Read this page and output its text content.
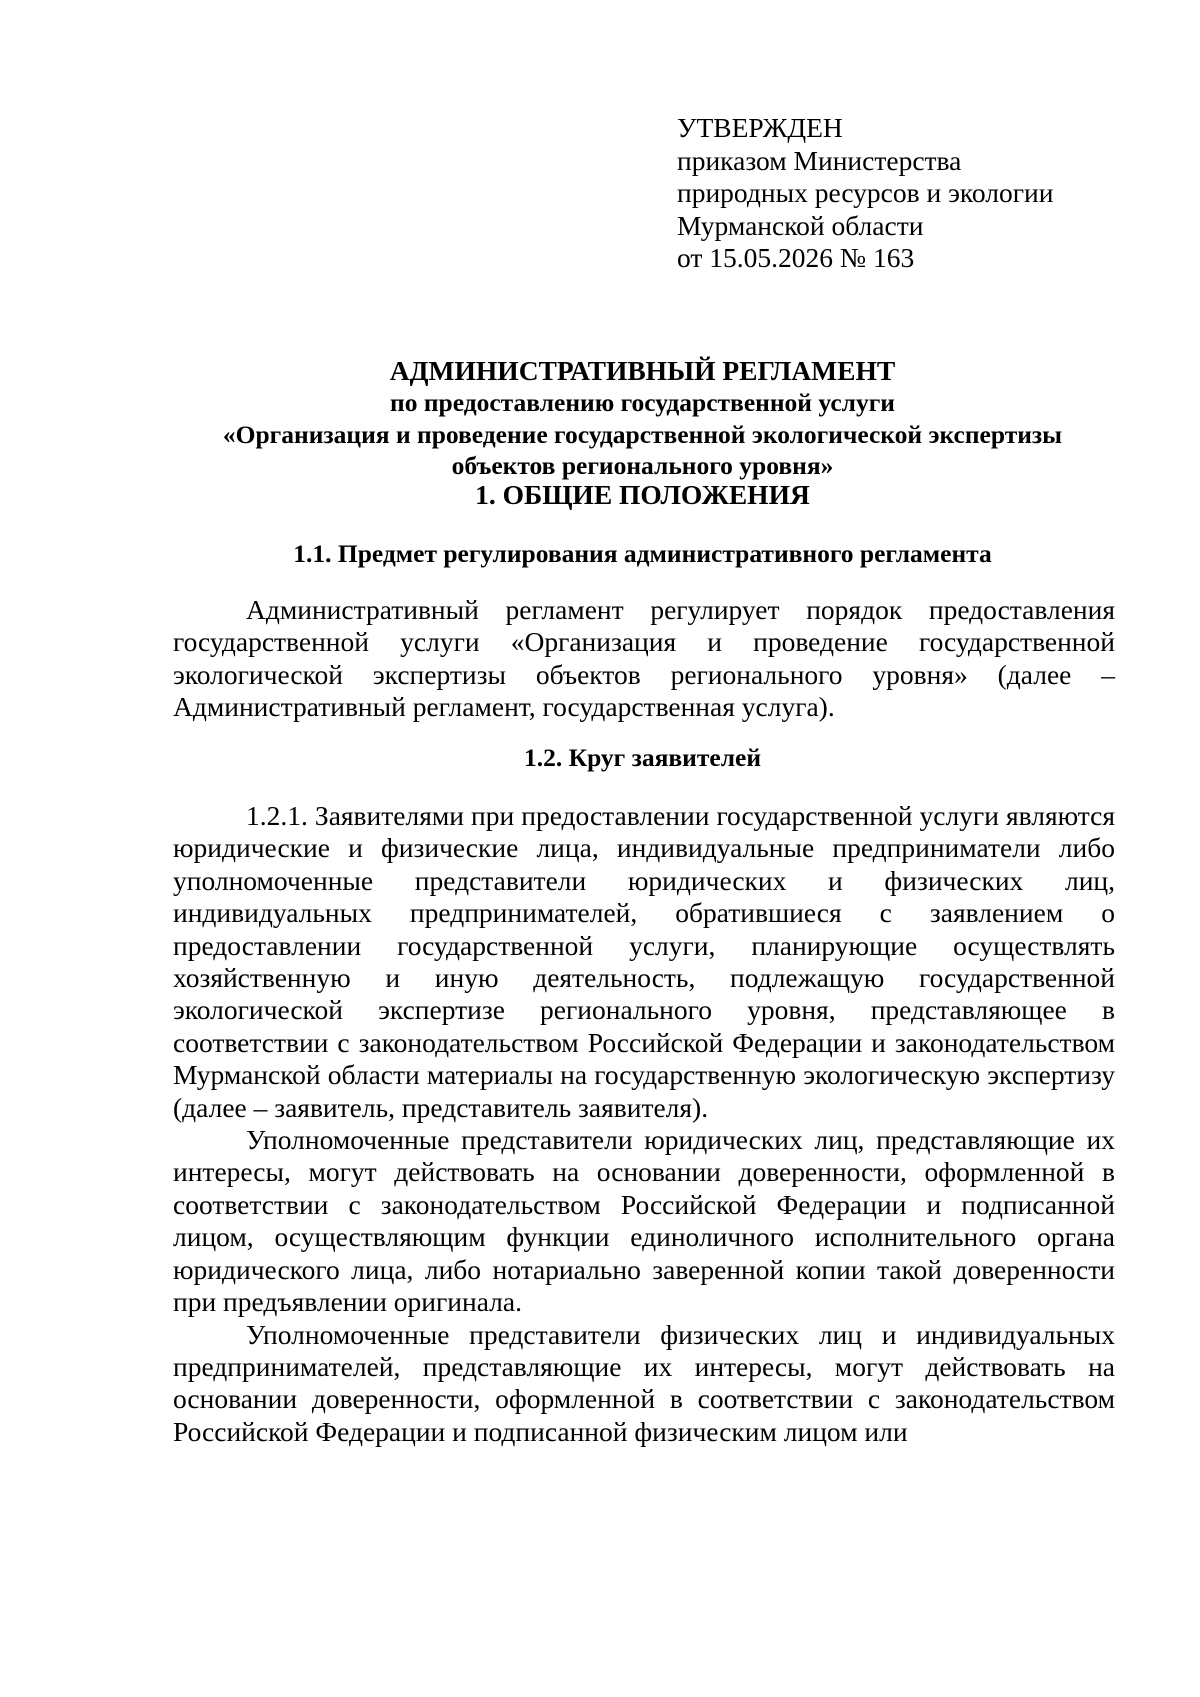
УТВЕРЖДЕН
приказом Министерства
природных ресурсов и экологии
Мурманской области
от 15.05.2026 № 163
АДМИНИСТРАТИВНЫЙ РЕГЛАМЕНТ
по предоставлению государственной услуги
«Организация и проведение государственной экологической экспертизы
объектов регионального уровня»
1. ОБЩИЕ ПОЛОЖЕНИЯ
1.1. Предмет регулирования административного регламента

Административный регламент регулирует порядок предоставления государственной услуги «Организация и проведение государственной экологической экспертизы объектов регионального уровня» (далее – Административный регламент, государственная услуга).

1.2. Круг заявителей

1.2.1. Заявителями при предоставлении государственной услуги являются юридические и физические лица, индивидуальные предприниматели либо уполномоченные представители юридических и физических лиц, индивидуальных предпринимателей, обратившиеся с заявлением о предоставлении государственной услуги, планирующие осуществлять хозяйственную и иную деятельность, подлежащую государственной экологической экспертизе регионального уровня, представляющее в соответствии с законодательством Российской Федерации и законодательством Мурманской области материалы на государственную экологическую экспертизу (далее – заявитель, представитель заявителя).

Уполномоченные представители юридических лиц, представляющие их интересы, могут действовать на основании доверенности, оформленной в соответствии с законодательством Российской Федерации и подписанной лицом, осуществляющим функции единоличного исполнительного органа юридического лица, либо нотариально заверенной копии такой доверенности при предъявлении оригинала.

Уполномоченные представители физических лиц и индивидуальных предпринимателей, представляющие их интересы, могут действовать на основании доверенности, оформленной в соответствии с законодательством Российской Федерации и подписанной физическим лицом или
